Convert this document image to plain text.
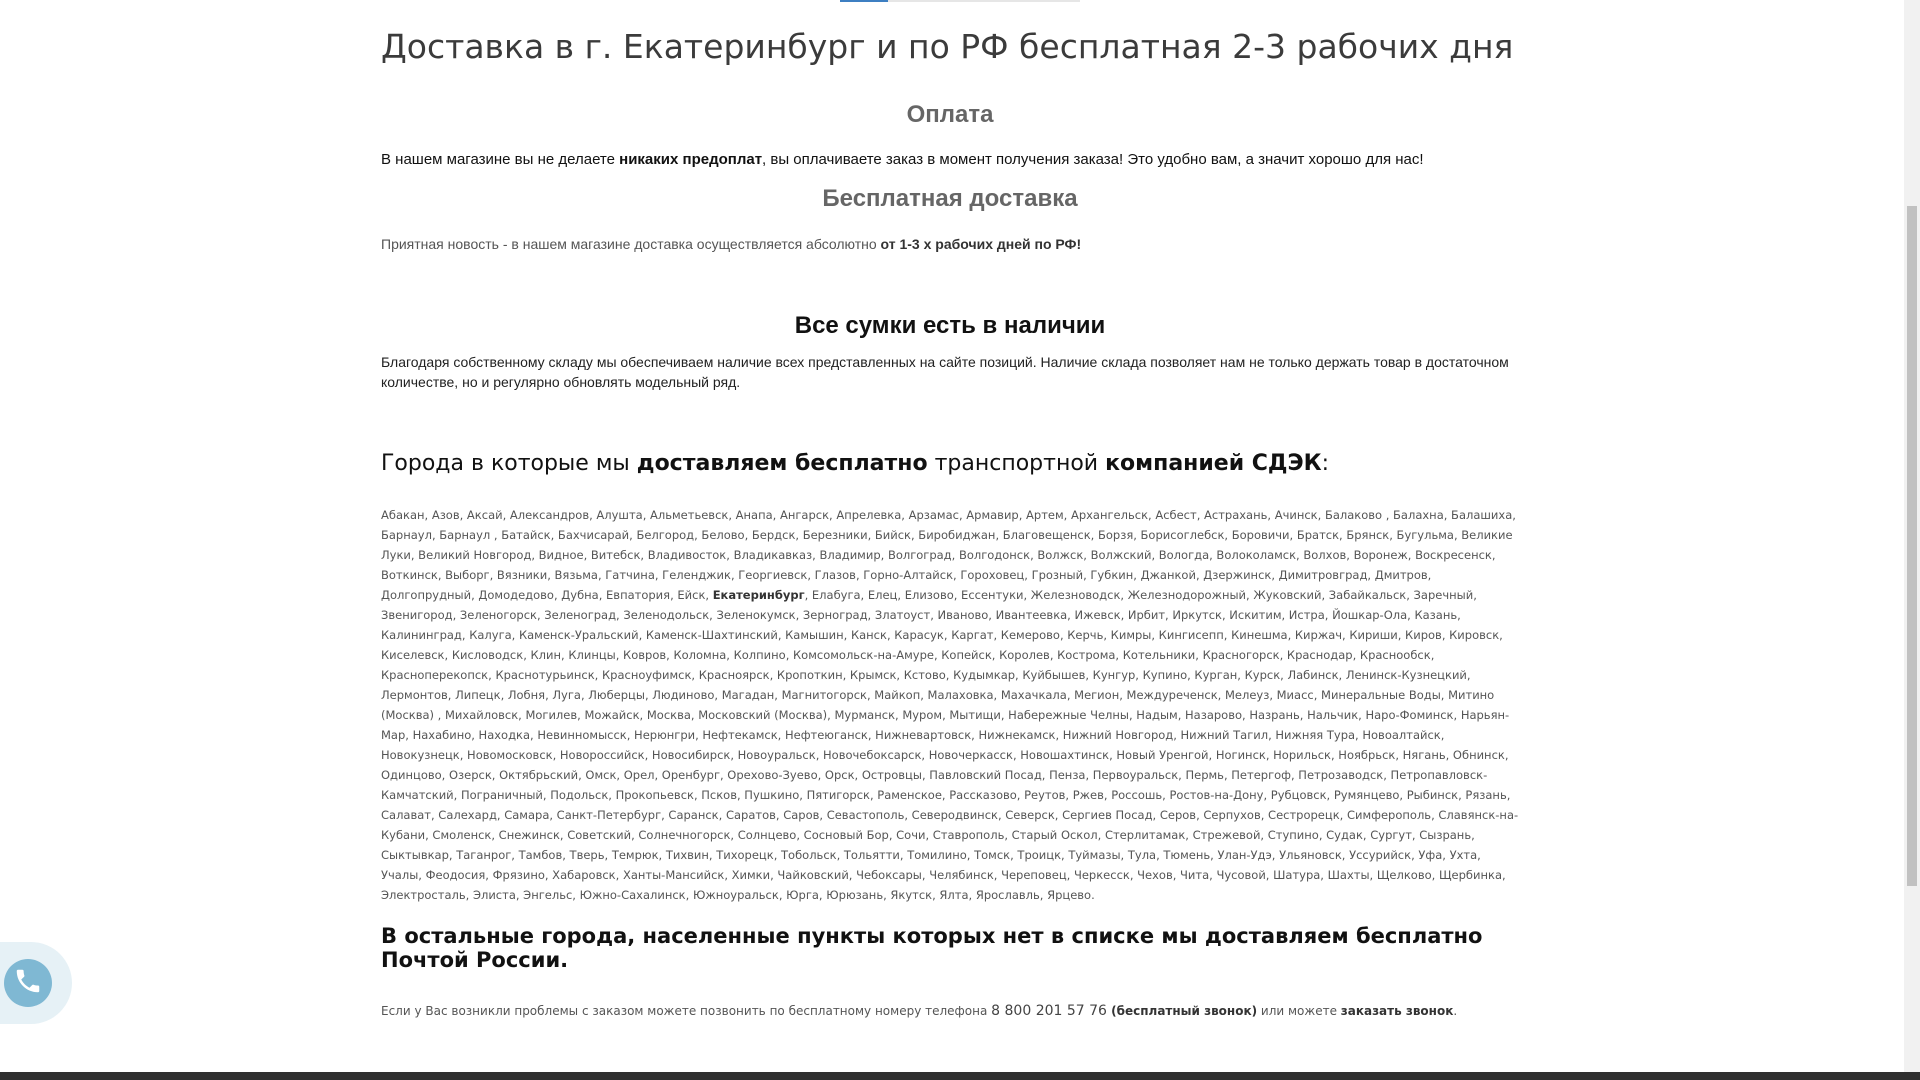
Доставка в г. Екатеринбург и по РФ бесплатная 2-3 рабочих дня
Оплата

В нашем магазине вы не делаете никаких предоплат, вы оплачиваете заказ в момент получения заказа! Это удобно вам, а значит хорошо для нас!

Бесплатная доставка

Приятная новость - в нашем магазине доставка осуществляется абсолютно от 1-3 х рабочих дней по РФ!

Все сумки есть в наличии

Благодаря собственному складу мы обеспечиваем наличие всех представленных на сайте позиций. Наличие склада позволяет нам не только держать товар в достаточном количестве, но и регулярно обновлять модельный ряд.

Города в которые мы доставляем бесплатно транспортной компанией СДЭК:

Абакан, Азов, Аксай, Александров, Алушта, Альметьевск, Анапа, Ангарск, Апрелевка, Арзамас, Армавир, Артем, Архангельск, Асбест, Астрахань, Ачинск, Балаково , Балахна, Балашиха, Барнаул, Барнаул , Батайск, Бахчисарай, Белгород, Белово, Бердск, Березники, Бийск, Биробиджан, Благовещенск, Борзя, Борисоглебск, Боровичи, Братск, Брянск, Бугульма, Великие Луки, Великий Новгород, Видное, Витебск, Владивосток, Владикавказ, Владимир, Волгоград, Волгодонск, Волжск, Волжский, Вологда, Волоколамск, Волхов, Воронеж, Воскресенск, Воткинск, Выборг, Вязники, Вязьма, Гатчина, Геленджик, Георгиевск, Глазов, Горно-Алтайск, Гороховец, Грозный, Губкин, Джанкой, Дзержинск, Димитровград, Дмитров, Долгопрудный, Домодедово, Дубна, Евпатория, Ейск, Екатеринбург, Елабуга, Елец, Елизово, Ессентуки, Железноводск, Железнодорожный, Жуковский, Забайкальск, Заречный, Звенигород, Зеленогорск, Зеленоград, Зеленодольск, Зеленокумск, Зерноград, Златоуст, Иваново, Ивантеевка, Ижевск, Ирбит, Иркутск, Искитим, Истра, Йошкар-Ола, Казань, Калининград, Калуга, Каменск-Уральский, Каменск-Шахтинский, Камышин, Канск, Карасук, Каргат, Кемерово, Керчь, Кимры, Кингисепп, Кинешма, Киржач, Кириши, Киров, Кировск, Киселевск, Кисловодск, Клин, Клинцы, Ковров, Коломна, Колпино, Комсомольск-на-Амуре, Копейск, Королев, Кострома, Котельники, Красногорск, Краснодар, Краснообск, Красноперекопск, Краснотурьинск, Красноуфимск, Красноярск, Кропоткин, Крымск, Кстово, Кудымкар, Куйбышев, Кунгур, Купино, Курган, Курск, Лабинск, Ленинск-Кузнецкий, Лермонтов, Липецк, Лобня, Луга, Люберцы, Людиново, Магадан, Магнитогорск, Майкоп, Малаховка, Махачкала, Мегион, Междуреченск, Мелеуз, Миасс, Минеральные Воды, Митино (Москва) , Михайловск, Могилев, Можайск, Москва, Московский (Москва), Мурманск, Муром, Мытищи, Набережные Челны, Надым, Назарово, Назрань, Нальчик, Наро-Фоминск, Нарьян-Мар, Нахабино, Находка, Невинномысск, Нерюнгри, Нефтекамск, Нефтеюганск, Нижневартовск, Нижнекамск, Нижний Новгород, Нижний Тагил, Нижняя Тура, Новоалтайск, Новокузнецк, Новомосковск, Новороссийск, Новосибирск, Новоуральск, Новочебоксарск, Новочеркасск, Новошахтинск, Новый Уренгой, Ногинск, Норильск, Ноябрьск, Нягань, Обнинск, Одинцово, Озерск, Октябрьский, Омск, Орел, Оренбург, Орехово-Зуево, Орск, Островцы, Павловский Посад, Пенза, Первоуральск, Пермь, Петергоф, Петрозаводск, Петропавловск-Камчатский, Пограничный, Подольск, Прокопьевск, Псков, Пушкино, Пятигорск, Раменское, Рассказово, Реутов, Ржев, Россошь, Ростов-на-Дону, Рубцовск, Румянцево, Рыбинск, Рязань, Салават, Салехард, Самара, Санкт-Петербург, Саранск, Саратов, Саров, Севастополь, Северодвинск, Северск, Сергиев Посад, Серов, Серпухов, Сестрорецк, Симферополь, Славянск-на-Кубани, Смоленск, Снежинск, Советский, Солнечногорск, Солнцево, Сосновый Бор, Сочи, Ставрополь, Старый Оскол, Стерлитамак, Стрежевой, Ступино, Судак, Сургут, Сызрань, Сыктывкар, Таганрог, Тамбов, Тверь, Темрюк, Тихвин, Тихорецк, Тобольск, Тольятти, Томилино, Томск, Троицк, Туймазы, Тула, Тюмень, Улан-Удэ, Ульяновск, Уссурийск, Уфа, Ухта, Учалы, Феодосия, Фрязино, Хабаровск, Ханты-Мансийск, Химки, Чайковский, Чебоксары, Челябинск, Череповец, Черкесск, Чехов, Чита, Чусовой, Шатура, Шахты, Щелково, Щербинка, Электросталь, Элиста, Энгельс, Южно-Сахалинск, Южноуральск, Юрга, Юрюзань, Якутск, Ялта, Ярославль, Ярцево.

В остальные города, населенные пункты которых нет в списке мы доставляем бесплатно Почтой России.

Если у Вас возникли проблемы с заказом можете позвонить по бесплатному номеру телефона 8 800 201 57 76 (бесплатный звонок) или можете заказать звонок.
